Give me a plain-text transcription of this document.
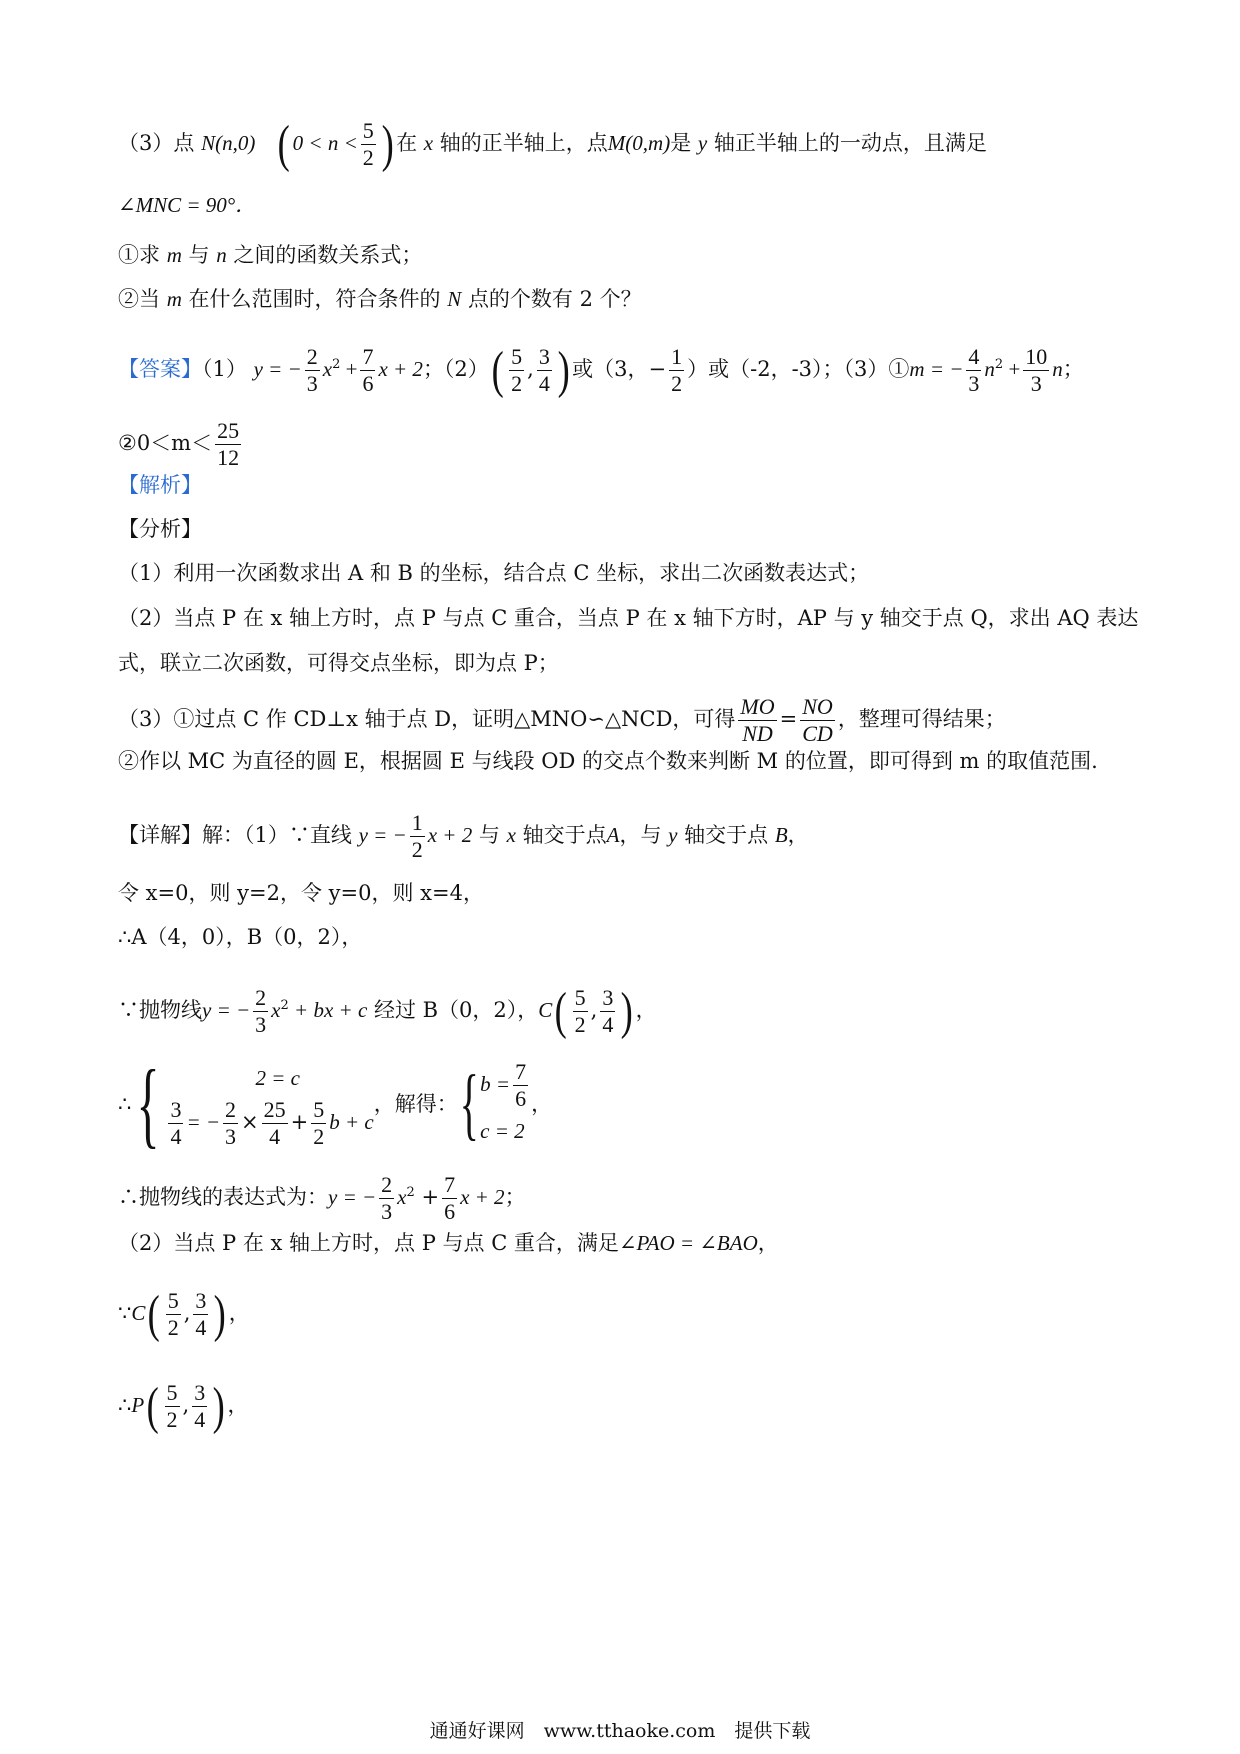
（3）点 N(n,0) ( $0 < n < \frac{5}{2}$ ) 在 x 轴的正半轴上，点M(0,m)是 y 轴正半轴上的一动点，且满足
∠MNC = 90°．
①求 m 与 n 之间的函数关系式；
②当 m 在什么范围时，符合条件的 N 点的个数有 2 个？
【答案】（1） y = − $\frac{2}{3} x^2 + \frac{7}{6}$ x + 2；$(2)( \frac{5}{2}$ , $\frac{3}{4}$ ) 或（3，− $\frac{1}{2}$ ）或（-2，-3）；（3）①m = − $\frac{4}{3} n^2 + \frac{10}{3}$ n；
②0＜m＜ $\frac{25}{12}$
【解析】
【分析】
（1）利用一次函数求出 A 和 B 的坐标，结合点 C 坐标，求出二次函数表达式；
（2）当点 P 在 x 轴上方时，点 P 与点 C 重合，当点 P 在 x 轴下方时，AP 与 y 轴交于点 Q，求出 AQ 表达
式，联立二次函数，可得交点坐标，即为点 P；
（3）①过点 C 作 CD⊥x 轴于点 D，证明△MNO∽△NCD，可得 $\frac{MO}{ND} = \frac{NO}{CD}$ ，整理可得结果；
②作以 MC 为直径的圆 E，根据圆 E 与线段 OD 的交点个数来判断 M 的位置，即可得到 m 的取值范围.
【详解】解：（1）∵直线 y = − $\frac{1}{2}$ x + 2 与 x 轴交于点A，与 y 轴交于点 B，
令 x=0，则 y=2，令 y=0，则 x=4，
∴A（4，0），B（0，2），
∵抛物线y = − $\frac{2}{3} x^2$ + bx + c 经过 B（0，2），$C( \frac{5}{2}$ , $\frac{3}{4}$ ) ，
∴{	2 = c
$\frac{3}{4}$ = − $\frac{2}{3} \times \frac{25}{4} + \frac{5}{2}$ b + c
，解得：{ $b = \frac{7}{6}$
c = 2
，
∴抛物线的表达式为：y = − $\frac{2}{3} x^2 + \frac{7}{6}$ x + 2；
（2）当点 P 在 x 轴上方时，点 P 与点 C 重合，满足∠PAO = ∠BAO，
∵C( $\frac{5}{2}$ , $\frac{3}{4}$ ) ，
∴P( $\frac{5}{2}$ , $\frac{3}{4}$ ) ，
通通好课网　www.tthaoke.com　提供下载
